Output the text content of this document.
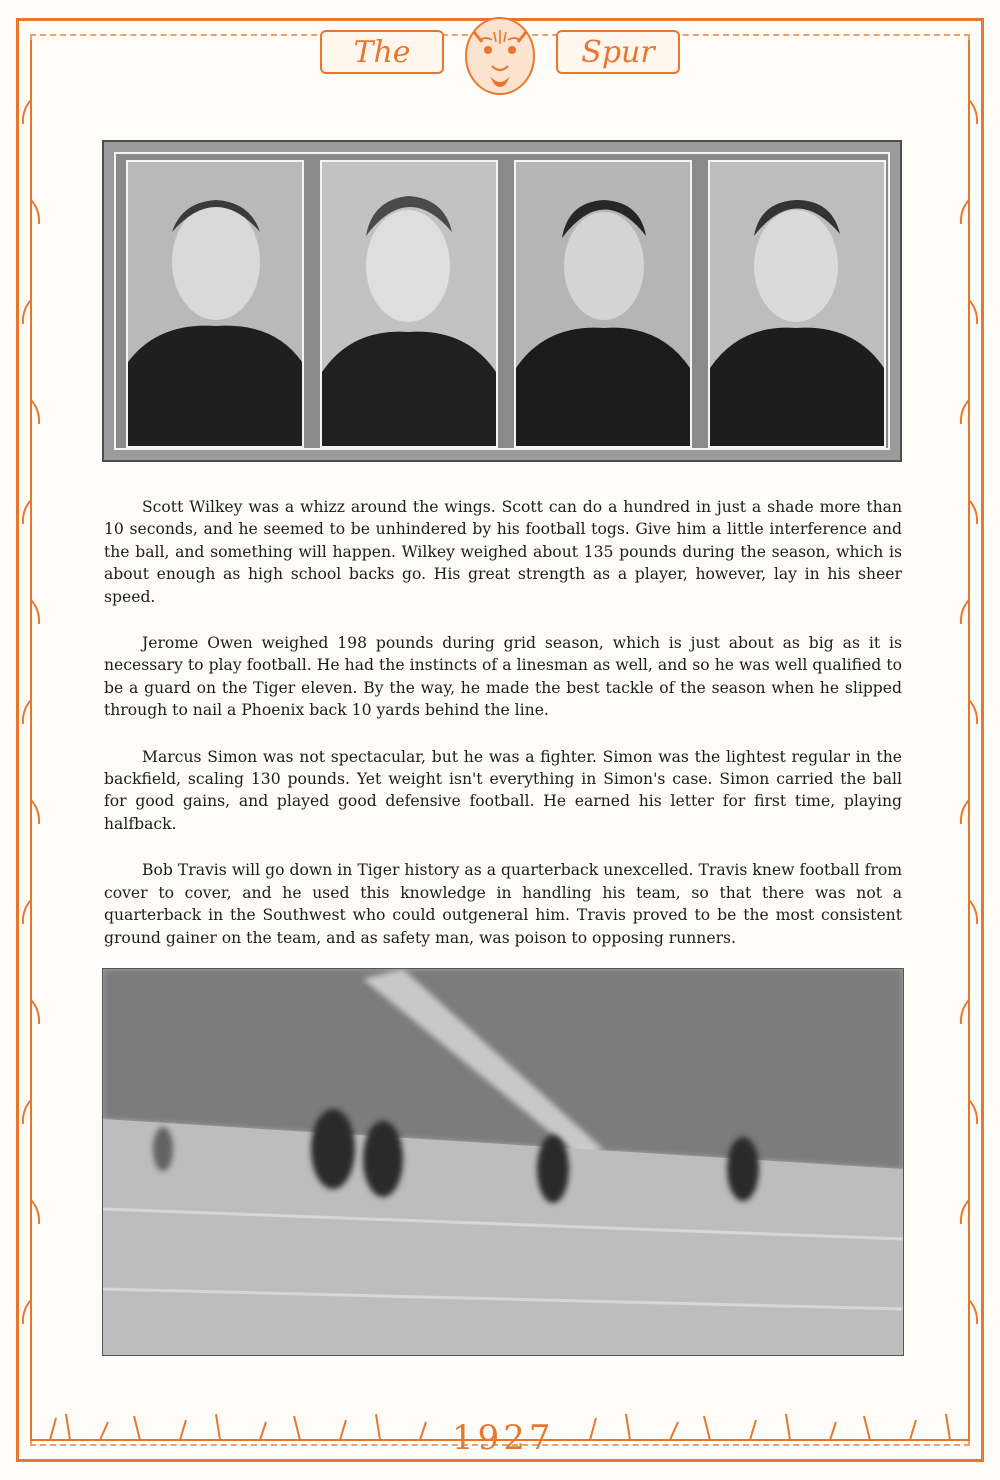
The	Spur

Scott Wilkey was a whizz around the wings. Scott can do a hundred in just a shade more than 10 seconds, and he seemed to be unhindered by his football togs. Give him a little interference and the ball, and something will happen. Wilkey weighed about 135 pounds during the season, which is about enough as high school backs go. His great strength as a player, however, lay in his sheer speed.

Jerome Owen weighed 198 pounds during grid season, which is just about as big as it is necessary to play football. He had the instincts of a linesman as well, and so he was well qualified to be a guard on the Tiger eleven. By the way, he made the best tackle of the season when he slipped through to nail a Phoenix back 10 yards behind the line.

Marcus Simon was not spectacular, but he was a fighter. Simon was the lightest regular in the backfield, scaling 130 pounds. Yet weight isn't everything in Simon's case. Simon carried the ball for good gains, and played good defensive football. He earned his letter for first time, playing halfback.

Bob Travis will go down in Tiger history as a quarterback unexcelled. Travis knew football from cover to cover, and he used this knowledge in handling his team, so that there was not a quarterback in the Southwest who could outgeneral him. Travis proved to be the most consistent ground gainer on the team, and as safety man, was poison to opposing runners.

1927
